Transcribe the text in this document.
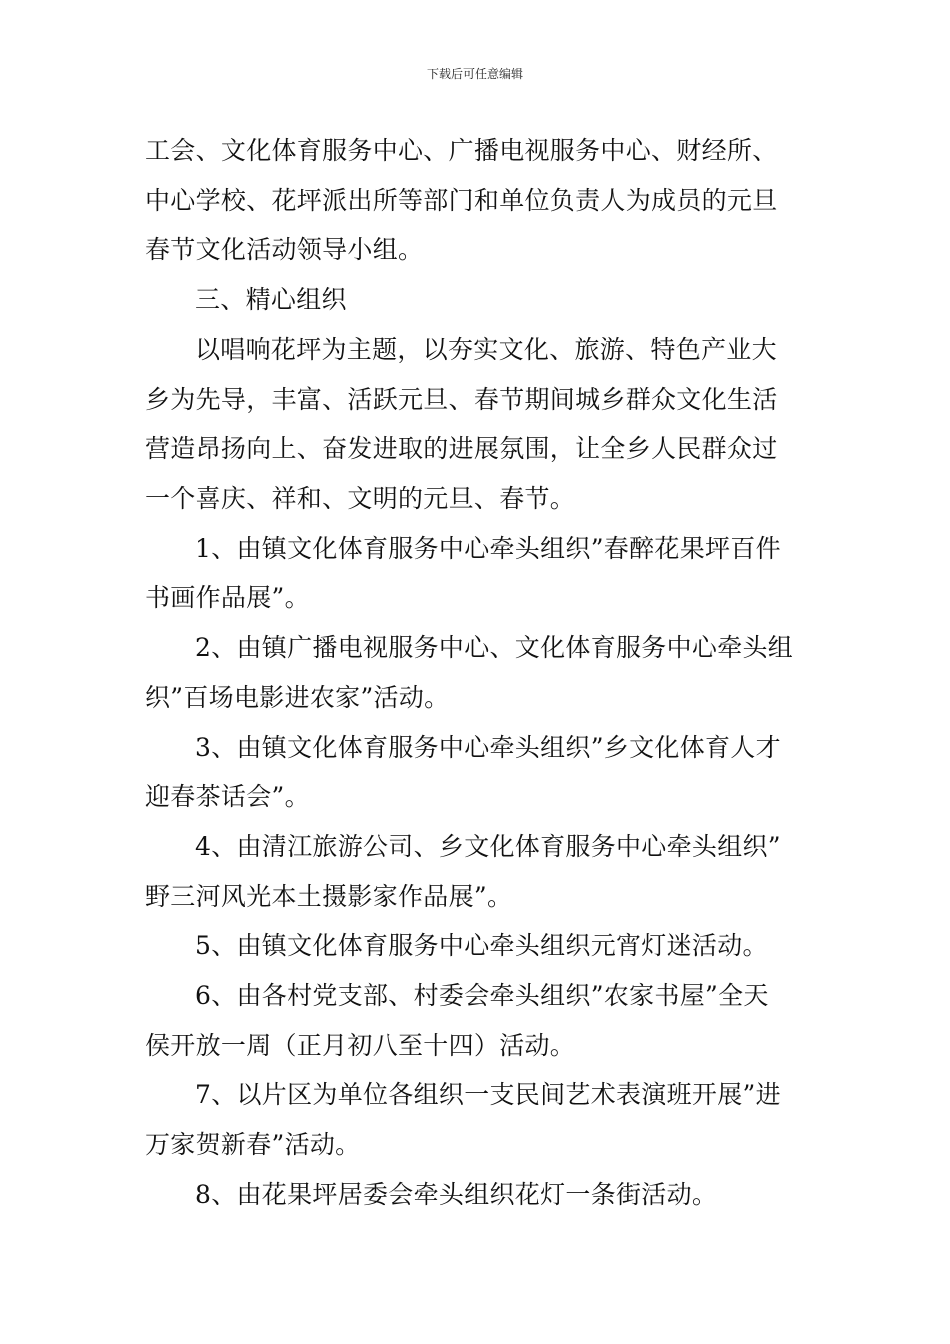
下载后可任意编辑
工会、文化体育服务中心、广播电视服务中心、财经所、
中心学校、花坪派出所等部门和单位负责人为成员的元旦
春节文化活动领导小组。
三、精心组织
以唱响花坪为主题，以夯实文化、旅游、特色产业大
乡为先导，丰富、活跃元旦、春节期间城乡群众文化生活
营造昂扬向上、奋发进取的进展氛围，让全乡人民群众过
一个喜庆、祥和、文明的元旦、春节。
1、由镇文化体育服务中心牵头组织”春醉花果坪百件
书画作品展”。
2、由镇广播电视服务中心、文化体育服务中心牵头组
织”百场电影进农家”活动。
3、由镇文化体育服务中心牵头组织”乡文化体育人才
迎春茶话会”。
4、由清江旅游公司、乡文化体育服务中心牵头组织”
野三河风光本土摄影家作品展”。
5、由镇文化体育服务中心牵头组织元宵灯迷活动。
6、由各村党支部、村委会牵头组织”农家书屋”全天
侯开放一周（正月初八至十四）活动。
7、以片区为单位各组织一支民间艺术表演班开展”进
万家贺新春”活动。
8、由花果坪居委会牵头组织花灯一条街活动。
